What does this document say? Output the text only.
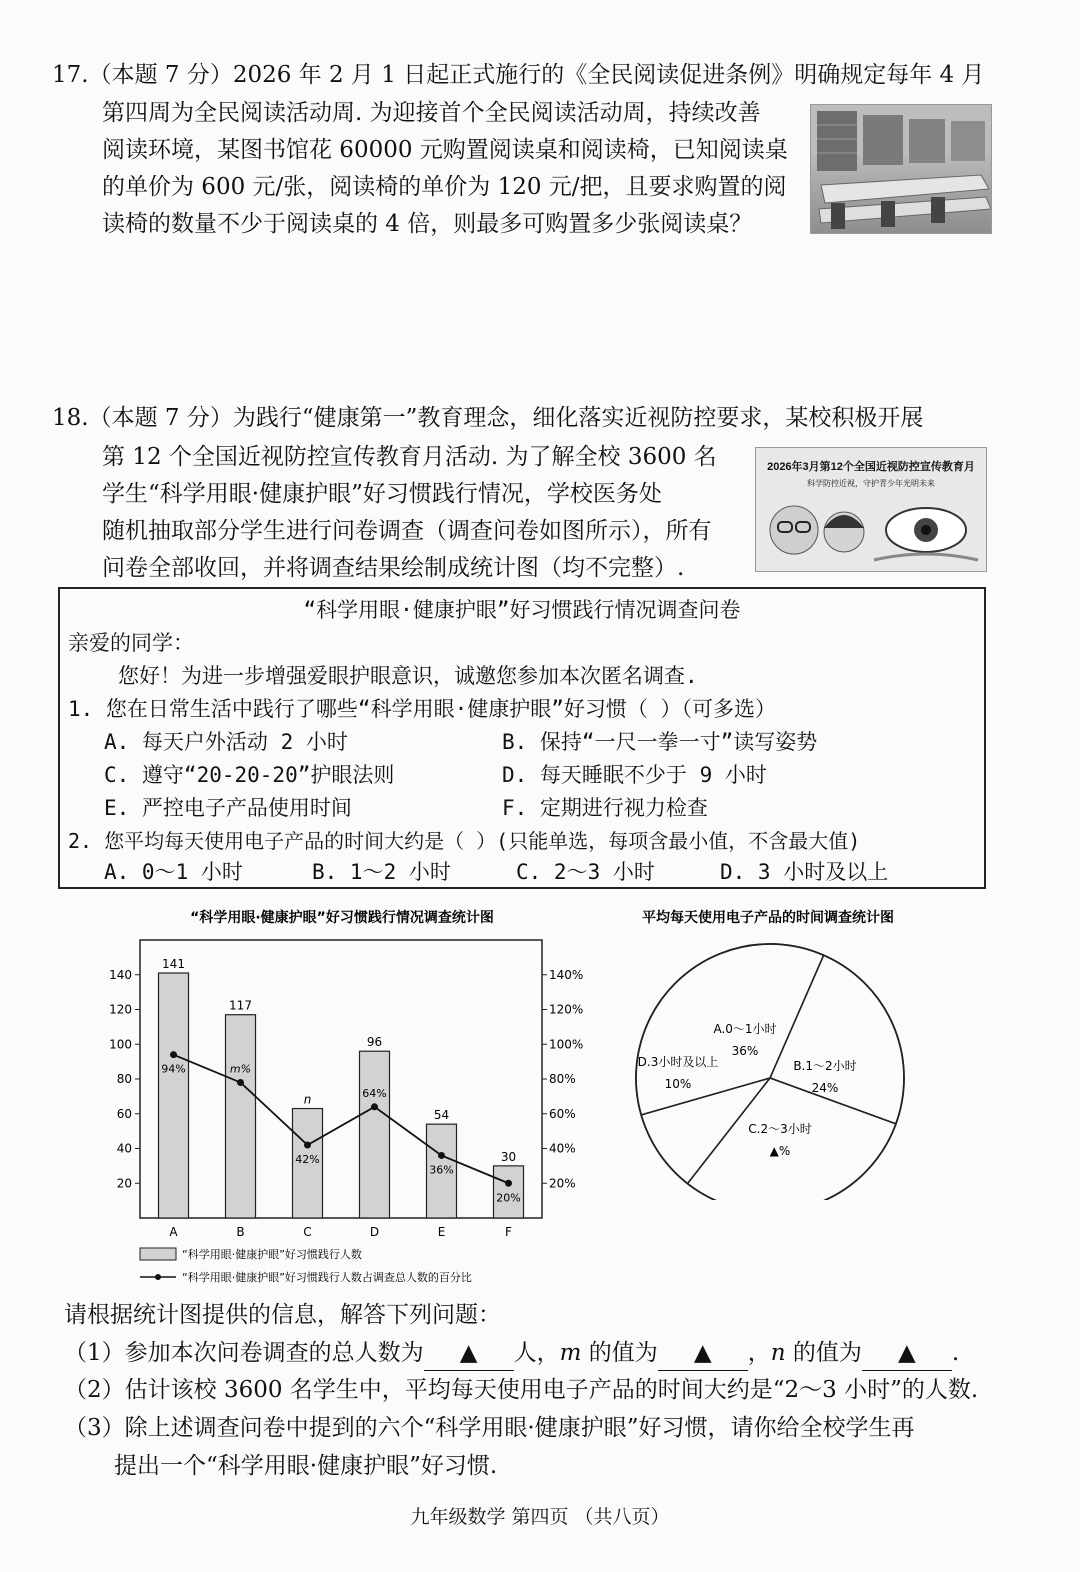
17.（本题 7 分）2026 年 2 月 1 日起正式施行的《全民阅读促进条例》明确规定每年 4 月
第四周为全民阅读活动周. 为迎接首个全民阅读活动周，持续改善
阅读环境，某图书馆花 60000 元购置阅读桌和阅读椅，已知阅读桌
的单价为 600 元/张，阅读椅的单价为 120 元/把，且要求购置的阅
读椅的数量不少于阅读桌的 4 倍，则最多可购置多少张阅读桌？
18.（本题 7 分）为践行“健康第一”教育理念，细化落实近视防控要求，某校积极开展
第 12 个全国近视防控宣传教育月活动. 为了解全校 3600 名
学生“科学用眼·健康护眼”好习惯践行情况，学校医务处
随机抽取部分学生进行问卷调查（调查问卷如图所示），所有
问卷全部收回，并将调查结果绘制成统计图（均不完整）.
2026年3月第12个全国近视防控宣传教育月
科学防控近视，守护青少年光明未来
“科学用眼·健康护眼”好习惯践行情况调查问卷
亲爱的同学：
您好！为进一步增强爱眼护眼意识，诚邀您参加本次匿名调查.
1. 您在日常生活中践行了哪些“科学用眼·健康护眼”好习惯（ ）（可多选）
A. 每天户外活动 2 小时	B. 保持“一尺一拳一寸”读写姿势
C. 遵守“20-20-20”护眼法则	D. 每天睡眠不少于 9 小时
E. 严控电子产品使用时间	F. 定期进行视力检查
2. 您平均每天使用电子产品的时间大约是（ ）(只能单选，每项含最小值，不含最大值)
A. 0～1 小时	B. 1～2 小时	C. 2～3 小时	D. 3 小时及以上
“科学用眼·健康护眼”好习惯践行情况调查统计图
20
40
60
80
100
120
140
20%
40%
60%
80%
100%
120%
140%
141
A
117
B
n
C
96
D
54
E
30
F
94%	m%
42%
64%
36%
20%
“科学用眼·健康护眼”好习惯践行人数
“科学用眼·健康护眼”好习惯践行人数占调查总人数的百分比
平均每天使用电子产品的时间调查统计图
A.0～1小时
36%
B.1～2小时
24%
C.2～3小时
▲%
D.3小时及以上
10%
请根据统计图提供的信息，解答下列问题：
（1）参加本次问卷调查的总人数为 ▲ 人，m 的值为 ▲ ，n 的值为 ▲ .
（2）估计该校 3600 名学生中，平均每天使用电子产品的时间大约是“2～3 小时”的人数.
（3）除上述调查问卷中提到的六个“科学用眼·健康护眼”好习惯，请你给全校学生再
提出一个“科学用眼·健康护眼”好习惯.
九年级数学 第四页 （共八页）
